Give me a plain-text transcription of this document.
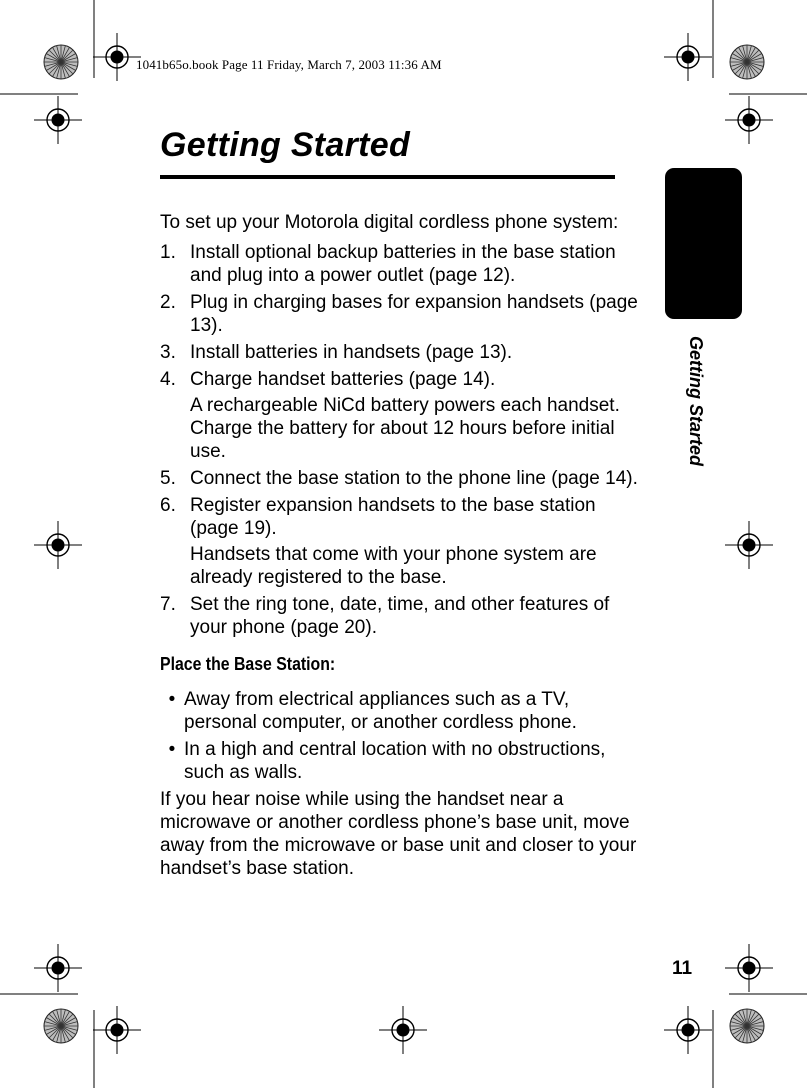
1041b65o.book Page 11 Friday, March 7, 2003 11:36 AM
Getting Started
Getting Started

To set up your Motorola digital cordless phone system:

1. Install optional backup batteries in the base station and plug into a power outlet (page 12).

2. Plug in charging bases for expansion handsets (page 13).

3. Install batteries in handsets (page 13).

4. Charge handset batteries (page 14).

A rechargeable NiCd battery powers each handset. Charge the battery for about 12 hours before initial use.

5. Connect the base station to the phone line (page 14).

6. Register expansion handsets to the base station (page 19).

Handsets that come with your phone system are already registered to the base.

7. Set the ring tone, date, time, and other features of your phone (page 20).

Place the Base Station:

• Away from electrical appliances such as a TV, personal computer, or another cordless phone.
• In a high and central location with no obstructions, such as walls.

If you hear noise while using the handset near a microwave or another cordless phone’s base unit, move away from the microwave or base unit and closer to your handset’s base station.

11
